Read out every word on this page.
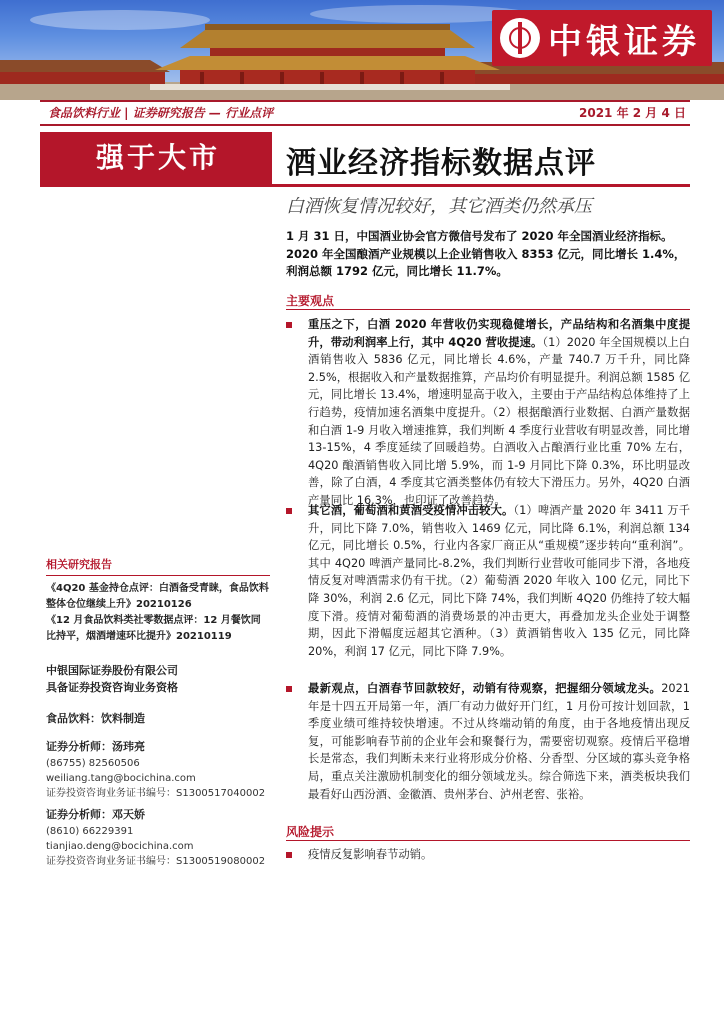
中银证券
食品饮料行业 | 证券研究报告 — 行业点评	2021 年 2 月 4 日
强于大市	酒业经济指标数据点评
白酒恢复情况较好，其它酒类仍然承压
1 月 31 日，中国酒业协会官方微信号发布了 2020 年全国酒业经济指标。2020 年全国酿酒产业规模以上企业销售收入 8353 亿元，同比增长 1.4%，利润总额 1792 亿元，同比增长 11.7%。
主要观点
重压之下，白酒 2020 年营收仍实现稳健增长，产品结构和名酒集中度提升，带动利润率上行，其中 4Q20 营收提速。（1）2020 年全国规模以上白酒销售收入 5836 亿元，同比增长 4.6%，产量 740.7 万千升，同比降 2.5%，根据收入和产量数据推算，产品均价有明显提升。利润总额 1585 亿元，同比增长 13.4%，增速明显高于收入，主要由于产品结构总体维持了上行趋势，疫情加速名酒集中度提升。（2）根据酿酒行业数据、白酒产量数据和白酒 1-9 月收入增速推算，我们判断 4 季度行业营收有明显改善，同比增 13-15%，4 季度延续了回暖趋势。白酒收入占酿酒行业比重 70% 左右，4Q20 酿酒销售收入同比增 5.9%，而 1-9 月同比下降 0.3%，环比明显改善，除了白酒，4 季度其它酒类整体仍有较大下滑压力。另外，4Q20 白酒产量同比 16.3%，也印证了改善趋势。
其它酒，葡萄酒和黄酒受疫情冲击较大。（1）啤酒产量 2020 年 3411 万千升，同比下降 7.0%，销售收入 1469 亿元，同比降 6.1%，利润总额 134 亿元，同比增长 0.5%，行业内各家厂商正从“重规模”逐步转向“重利润”。其中 4Q20 啤酒产量同比-8.2%，我们判断行业营收可能同步下滑，各地疫情反复对啤酒需求仍有干扰。（2）葡萄酒 2020 年收入 100 亿元，同比下降 30%，利润 2.6 亿元，同比下降 74%，我们判断 4Q20 仍维持了较大幅度下滑。疫情对葡萄酒的消费场景的冲击更大，再叠加龙头企业处于调整期，因此下滑幅度远超其它酒种。（3）黄酒销售收入 135 亿元，同比降 20%，利润 17 亿元，同比下降 7.9%。
最新观点，白酒春节回款较好，动销有待观察，把握细分领域龙头。2021 年是十四五开局第一年，酒厂有动力做好开门红，1 月份可按计划回款，1 季度业绩可维持较快增速。不过从终端动销的角度，由于各地疫情出现反复，可能影响春节前的企业年会和聚餐行为，需要密切观察。疫情后平稳增长是常态，我们判断未来行业将形成分价格、分香型、分区域的寡头竞争格局，重点关注激励机制变化的细分领域龙头。综合筛选下来，酒类板块我们最看好山西汾酒、金徽酒、贵州茅台、泸州老窖、张裕。
风险提示
疫情反复影响春节动销。
相关研究报告
《4Q20 基金持仓点评：白酒备受青睐，食品饮料整体仓位继续上升》20210126
《12 月食品饮料类社零数据点评：12 月餐饮同比持平，烟酒增速环比提升》20210119
中银国际证券股份有限公司
具备证券投资咨询业务资格
食品饮料：饮料制造
证券分析师：汤玮亮
(86755) 82560506
weiliang.tang@bocichina.com
证券投资咨询业务证书编号：S1300517040002
证券分析师：邓天娇
(8610) 66229391
tianjiao.deng@bocichina.com
证券投资咨询业务证书编号：S1300519080002
